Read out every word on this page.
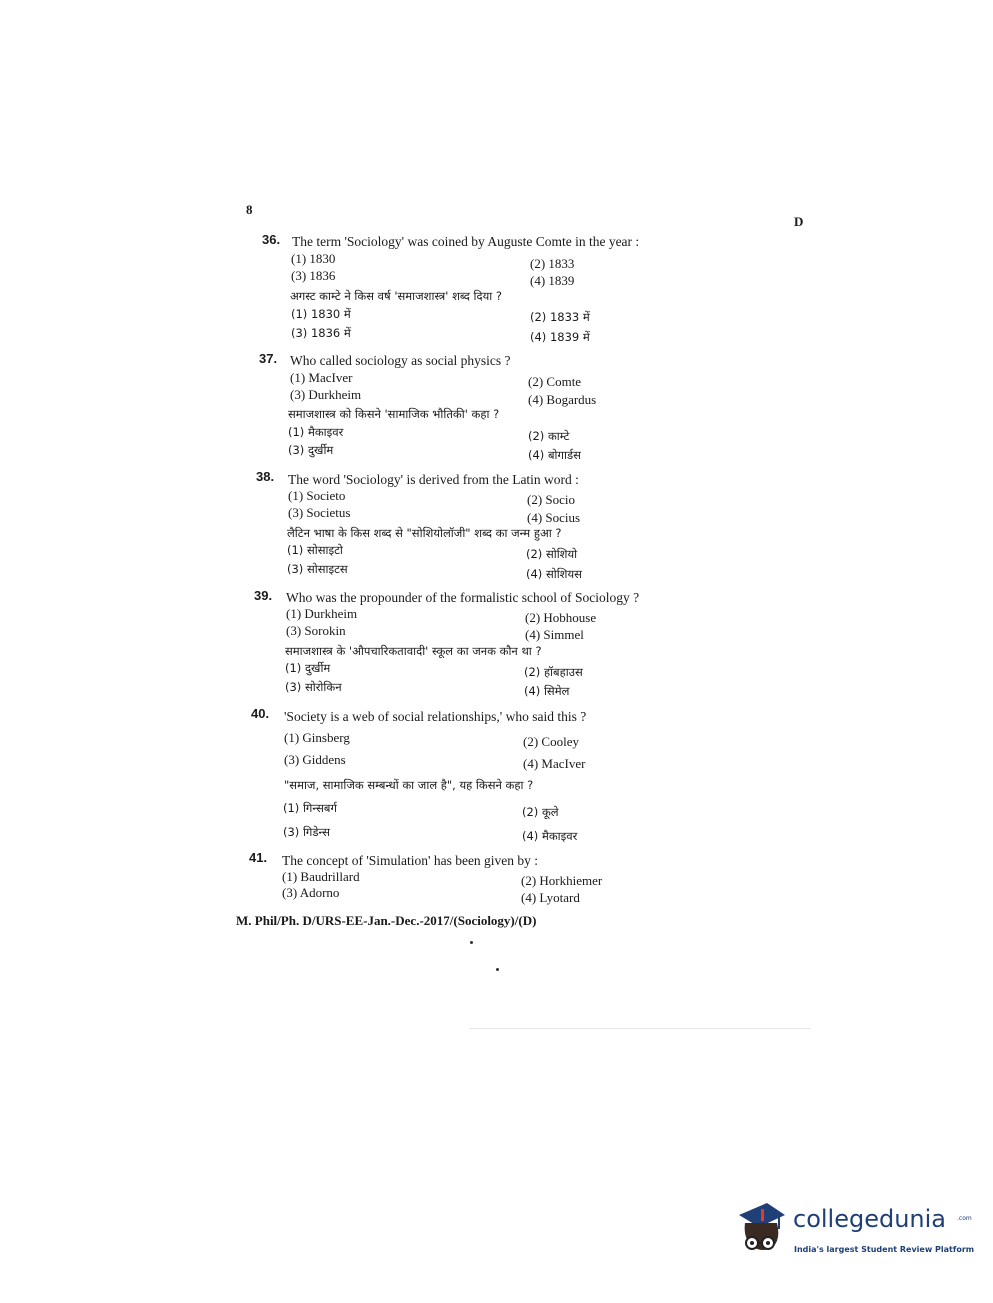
8
D
36. The term 'Sociology' was coined by Auguste Comte in the year :
(1) 1830	(2) 1833
(3) 1836	(4) 1839
अगस्ट काम्टे ने किस वर्ष 'समाजशास्त्र' शब्द दिया ?
(1) 1830 में	(2) 1833 में
(3) 1836 में	(4) 1839 में
37. Who called sociology as social physics ?
(1) MacIver	(2) Comte
(3) Durkheim	(4) Bogardus
समाजशास्त्र को किसने 'सामाजिक भौतिकी' कहा ?
(1) मैकाइवर	(2) काम्टे
(3) दुर्खीम	(4) बोगार्डस
38. The word 'Sociology' is derived from the Latin word :
(1) Societo	(2) Socio
(3) Societus	(4) Socius
लैटिन भाषा के किस शब्द से "सोशियोलॉजी" शब्द का जन्म हुआ ?
(1) सोसाइटो	(2) सोशियो
(3) सोसाइटस	(4) सोशियस
39. Who was the propounder of the formalistic school of Sociology ?
(1) Durkheim	(2) Hobhouse
(3) Sorokin	(4) Simmel
समाजशास्त्र के 'औपचारिकतावादी' स्कूल का जनक कौन था ?
(1) दुर्खीम	(2) हॉबहाउस
(3) सोरोकिन	(4) सिमेल
40. 'Society is a web of social relationships,' who said this ?
(1) Ginsberg	(2) Cooley
(3) Giddens	(4) MacIver
"समाज, सामाजिक सम्बन्धों का जाल है", यह किसने कहा ?
(1) गिन्सबर्ग	(2) कूले
(3) गिडेन्स	(4) मैकाइवर
41. The concept of 'Simulation' has been given by :
(1) Baudrillard	(2) Horkhiemer
(3) Adorno	(4) Lyotard
M. Phil/Ph. D/URS-EE-Jan.-Dec.-2017/(Sociology)/(D)
collegedunia .com
India's largest Student Review Platform
